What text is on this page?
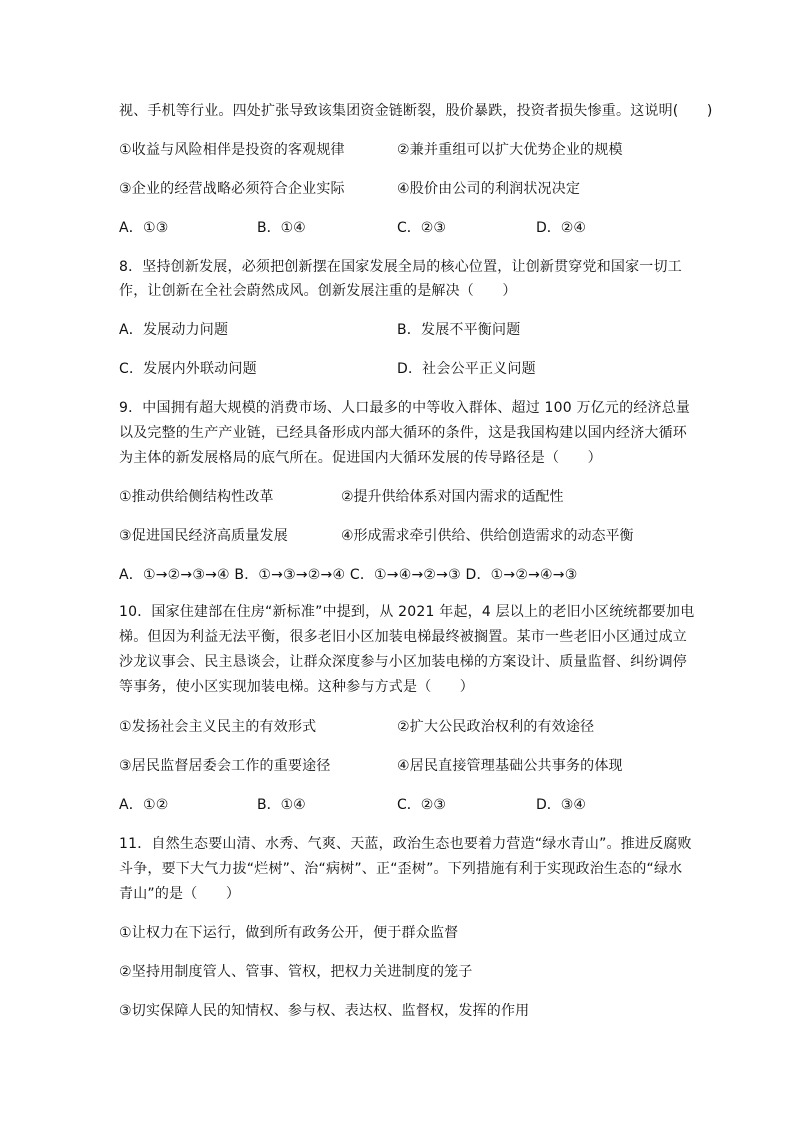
视、手机等行业。四处扩张导致该集团资金链断裂，股价暴跌，投资者损失惨重。这说明(　　)
①收益与风险相伴是投资的客观规律	②兼并重组可以扩大优势企业的规模
③企业的经营战略必须符合企业实际	④股价由公司的利润状况决定
A．①③	B．①④	C．②③	D．②④
8．坚持创新发展，必须把创新摆在国家发展全局的核心位置，让创新贯穿党和国家一切工
作，让创新在全社会蔚然成风。创新发展注重的是解决（　　）
A．发展动力问题	B．发展不平衡问题
C．发展内外联动问题	D．社会公平正义问题
9．中国拥有超大规模的消费市场、人口最多的中等收入群体、超过 100 万亿元的经济总量
以及完整的生产产业链，已经具备形成内部大循环的条件，这是我国构建以国内经济大循环
为主体的新发展格局的底气所在。促进国内大循环发展的传导路径是（　　）
①推动供给侧结构性改革	②提升供给体系对国内需求的适配性
③促进国民经济高质量发展	④形成需求牵引供给、供给创造需求的动态平衡
A．①→②→③→④ B．①→③→②→④ C．①→④→②→③ D．①→②→④→③
10．国家住建部在住房“新标准”中提到，从 2021 年起，4 层以上的老旧小区统统都要加电
梯。但因为利益无法平衡，很多老旧小区加装电梯最终被搁置。某市一些老旧小区通过成立
沙龙议事会、民主恳谈会，让群众深度参与小区加装电梯的方案设计、质量监督、纠纷调停
等事务，使小区实现加装电梯。这种参与方式是（　　）
①发扬社会主义民主的有效形式	②扩大公民政治权利的有效途径
③居民监督居委会工作的重要途径	④居民直接管理基础公共事务的体现
A．①②	B．①④	C．②③	D．③④
11．自然生态要山清、水秀、气爽、天蓝，政治生态也要着力营造“绿水青山”。推进反腐败
斗争，要下大气力拔“烂树”、治“病树”、正“歪树”。下列措施有利于实现政治生态的“绿水
青山”的是（　　）
①让权力在下运行，做到所有政务公开，便于群众监督
②坚持用制度管人、管事、管权，把权力关进制度的笼子
③切实保障人民的知情权、参与权、表达权、监督权，发挥的作用
